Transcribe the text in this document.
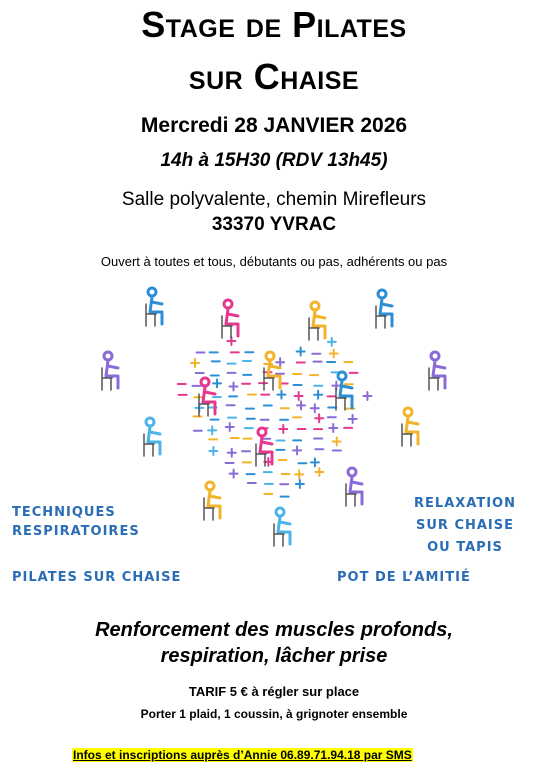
Stage de Pilates
sur Chaise
Mercredi 28 JANVIER 2026
14h à 15H30 (RDV 13h45)
Salle polyvalente, chemin Mirefleurs
33370 YVRAC
Ouvert à toutes et tous, débutants ou pas, adhérents ou pas
TECHNIQUES
RESPIRATOIRES
PILATES SUR CHAISE
RELAXATION
SUR CHAISE
OU TAPIS
POT DE L’AMITIÉ
Renforcement des muscles profonds,
respiration, lâcher prise
TARIF 5 € à régler sur place
Porter 1 plaid, 1 coussin, à grignoter ensemble
Infos et inscriptions auprès d’Annie 06.89.71.94.18 par SMS
